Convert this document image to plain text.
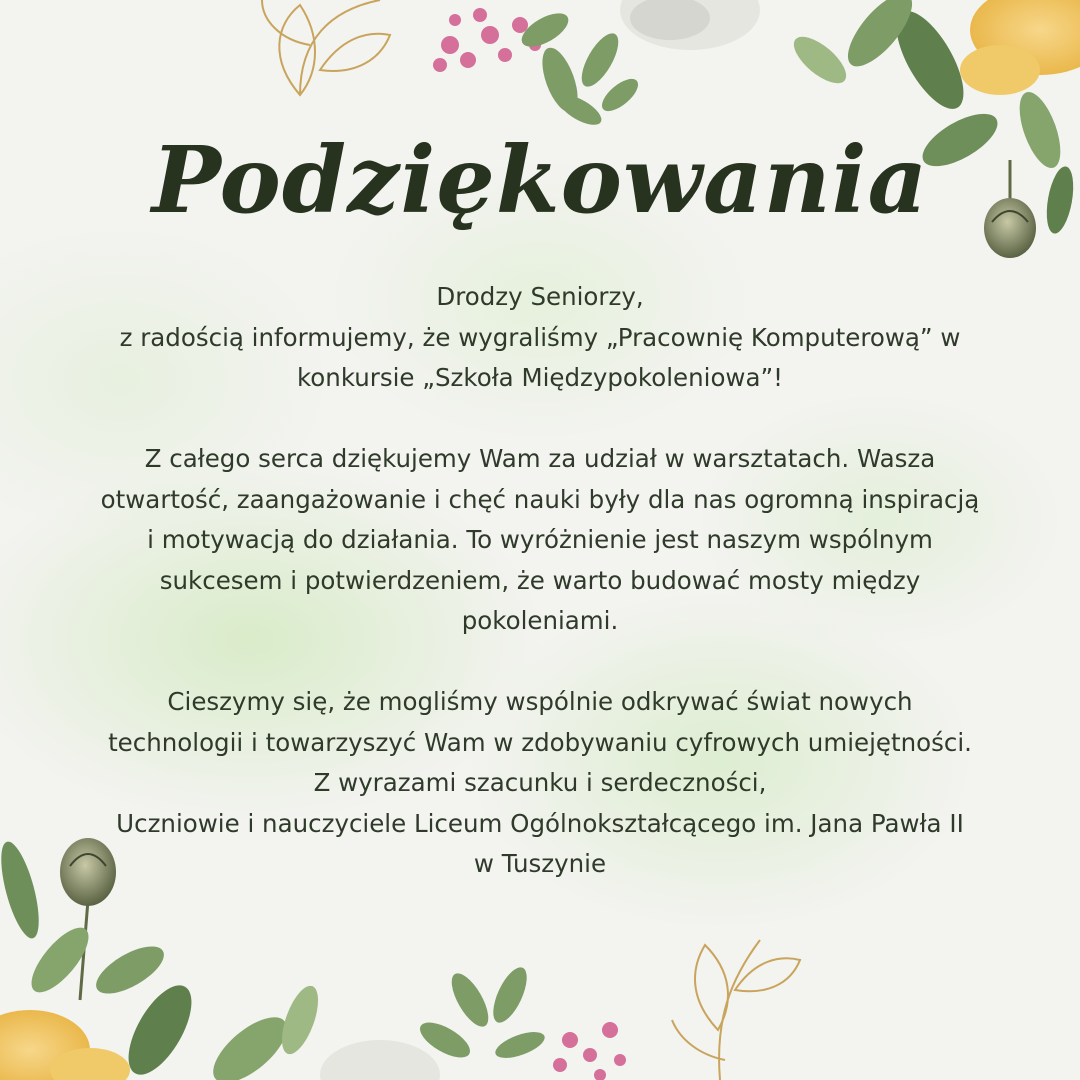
Podziękowania
Drodzy Seniorzy,
z radością informujemy, że wygraliśmy „Pracownię Komputerową” w
konkursie „Szkoła Międzypokoleniowa”!
Z całego serca dziękujemy Wam za udział w warsztatach. Wasza
otwartość, zaangażowanie i chęć nauki były dla nas ogromną inspiracją
i motywacją do działania. To wyróżnienie jest naszym wspólnym
sukcesem i potwierdzeniem, że warto budować mosty między
pokoleniami.
Cieszymy się, że mogliśmy wspólnie odkrywać świat nowych
technologii i towarzyszyć Wam w zdobywaniu cyfrowych umiejętności.
Z wyrazami szacunku i serdeczności,
Uczniowie i nauczyciele Liceum Ogólnokształcącego im. Jana Pawła II
w Tuszynie
